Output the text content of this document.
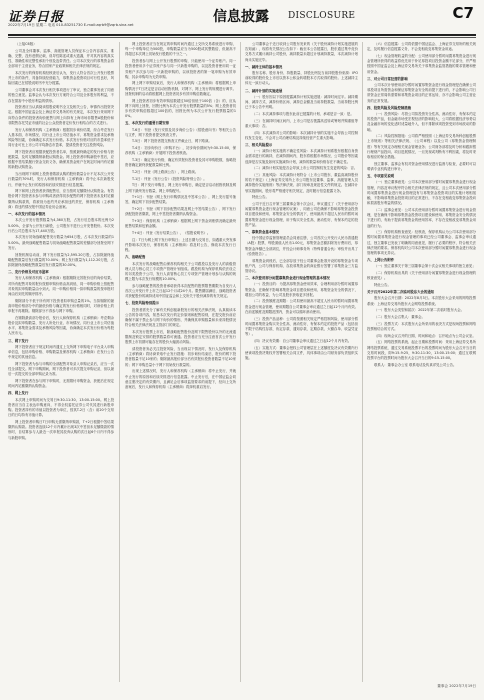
证券日报
2022年7月19日 星期二 电话 010-83251730 E-mail:zqrb9@zqrb.sina.net	信息披露 DISCLOSURE	C7

（上接C6版）

公司及全体董事、监事、高级管理人员保证本公告内容真实、准确、完整，没有虚假记载、误导性陈述或重大遗漏，并对其内容的真实性、准确性和完整性承担个别及连带责任。公司本次发行的募集资金将全部用于主营业务，符合国家产业政策和相关法律法规的规定。

本次发行的保荐机构经核查后认为，发行人符合首次公开发行股票并上市的条件，具备持续经营能力，募集资金投资项目可行性良好，风险因素已在招股说明书中充分披露。

公司董事会对本次发行相关事项进行了审议，独立董事发表了同意的独立意见。监事会认为本次发行方案符合公司及全体股东的利益，不存在损害中小股东利益的情形。

投资者应当认真阅读招股说明书全文及相关公告，审慎作出投资决定。根据中国证监会及上海证券交易所的有关规定，本次发行采用网下向符合条件的投资者询价配售与网上向持有上海市场非限售A股股份和非限售存托凭证市值的社会公众投资者定价发行相结合的方式进行。

发行人和保荐机构（主承销商）根据初步询价结果，综合考虑发行人基本面、市场情况、同行业上市公司估值水平、募集资金需求及承销风险等因素，协商确定本次发行价格。本次发行价格对应的市盈率低于同行业可比上市公司平均静态市盈率，提请投资者关注投资风险。

网下投资者应根据获配投资者名单，按照最终确定的发行价格与获配数量，及时足额缴纳新股认购资金。网上投资者申购新股中签后，应根据中签结果履行资金交收义务，确保其资金账户在规定时间内有足额的新股认购资金。

当出现网下和网上投资者缴款认购的股份数量合计不足本次公开发行数量的70%时，发行人和保荐机构（主承销商）将中止本次新股发行，并就中止发行的原因和后续安排进行信息披露。

网下和网上投资者获得配售后，应当按时足额缴付认购资金。有效报价网下投资者未参与申购或者获得初步配售的网下投资者未及时足额缴纳认购款的，将被视为违约并应承担违约责任，保荐机构（主承销商）将违约情况报中国证券业协会备案。

一、本次发行的基本情况

本次公开发行股票数量为4,360万股，占发行后总股本的比例为25.00%，全部为公开发行新股，公司股东不进行公开发售股份。本次发行后公司总股本为17,440万股。

本次发行初始战略配售发行数量为654万股，占本次发行数量的15.00%。最终战略配售数量与初始战略配售数量的差额部分回拨至网下发行。

回拨机制启动前，网下发行数量为2,595.20万股，占扣除最终战略配售数量后发行数量的70.00%；网上发行数量为1,112.20万股，占扣除最终战略配售数量后发行数量的30.00%。

二、发行价格及对应市盈率

发行人和保荐机构（主承销商）根据剔除无效报价后的询价结果，对所有配售对象的报价按照申购价格由高到低、同一申购价格上按配售对象的拟申购数量由小到大、同一申购价格同一拟申购数量的按申报时间由后到先的顺序排序。

剔除部分不低于所有网下投资者拟申购总量的1%。当拟剔除的最高申报价格部分中的最低价格与确定的发行价格相同时，对该价格上的申报不再剔除。剔除部分不得参与网下申购。

在剔除最高部分报价后，发行人和保荐机构（主承销商）考虑剩余报价及拟申购数量、发行人所处行业、市场情况、同行业上市公司估值水平、募集资金需求及承销风险等因素，协商确定本次发行价格为每股人民币元。

三、网下发行

网下投资者应于规定时间内通过上交所网下申购电子平台录入申购单信息，包括申购价格、申购数量及保荐机构（主承销商）在发行公告中规定的其他信息。

网下投资者为参与申购的全部配售对象录入申购记录后，应当一次性全部提交。网下申购期间，网下投资者可多次提交申购记录，但以最后一次提交的全部申购记录为准。

网下投资者在参与网下申购时，无需缴付申购资金，获配后在规定时间内足额缴纳认购资金。

四、网上发行

本次网上申购时间为交易日9:30-11:30、13:00-15:00。网上投资者应当自主表达申购意向，不得全权委托证券公司代其进行新股申购。投资者持有的市值以投资者为单位，按其T-2日（含）前20个交易日的日均持有市值计算。

网上投资者申购日T日申购无需缴纳申购款，T+2日根据中签结果缴纳认购款。投资者连续12个月内累计出现3次中签但未足额缴款的情形时，自结算参与人最近一次申报其放弃认购的次日起6个月内不得参与新股申购。

网上投资者应当在规定的申购时间内通过上交所交易系统进行申购，每一个申购单位为500股，申购数量应当为500股或其整数倍，但最高不得超过本次网上初始发行股数的千分之一。

投资者参与网上公开发行股票的申购，只能使用一个证券账户。同一投资者使用多个证券账户参与同一只新股申购的，以及投资者使用同一证券账户多次参与同一只新股申购的，以该投资者的第一笔申购为有效申购，其余申购均为无效申购。

网上网下申购结束后，发行人和保荐机构（主承销商）将根据网上申购情况于T日决定是否启动回拨机制，对网下、网上发行的规模进行调节。回拨机制的启动将根据网上投资者初步有效申购倍数确定。

网上投资者初步有效申购倍数超过50倍但低于100倍（含）的，应从网下向网上回拨，回拨比例为本次公开发行股票数量的5%；网上投资者初步有效申购倍数超过100倍的，回拨比例为本次公开发行股票数量的10%。

五、本次发行的重要日期安排

T-6日：刊登《发行安排及初步询价公告》《招股意向书》等相关公告与文件，网下投资者提交核查文件。

T-5日：网下投资者提交核查文件截止日，网下路演。

T-4日：初步询价日（申购平台），初步询价期间为9:30-15:00，保荐机构（主承销商）开展网下投资者核查。

T-3日：确定发行价格，确定有效报价投资者及其可申购股数，战略投资者确定最终获配数量和比例。

T-2日：刊登《网上路演公告》，网上路演。

T-1日：刊登《发行公告》《投资风险特别公告》。

T日：网下发行申购日，网上发行申购日，确定是否启动回拨机制及网上网下最终发行数量，网上申购配号。

T+1日：刊登《网上发行申购情况及中签率公告》，网上发行摇号抽签，确定网下初步配售结果。

T+2日：刊登《网下初步配售结果及网上中签结果公告》，网下发行获配投资者缴款，网上中签投资者缴纳认购资金。

T+3日：保荐机构（主承销商）根据网上网下资金到账情况确定最终配售结果和包销金额。

T+4日：刊登《发行结果公告》、《招股说明书》。

注：T日为网上网下发行申购日；上述日期为交易日，如遇重大突发事件影响本次发行，保荐机构（主承销商）将及时公告，修改本次发行日程。

六、战略配售

本次发行的战略配售由保荐机构相关子公司跟投以及发行人的高级管理人员与核心员工专项资产管理计划组成。跟投机构为保荐机构依法设立的另类投资子公司，发行人高管核心员工专项资产管理计划参与认购的规模上限为本次发行规模的10.00%。

参与战略配售的投资者承诺获得本次配售的股票限售期限为自发行人首次公开发行并上市之日起12个月或24个月。限售期届满后，战略投资者对获配股份的减持适用中国证监会和上交所关于股份减持的有关规定。

七、投资风险特别提示

投资者需充分了解有关科创板新股发行的相关法律法规，认真阅读本公告的各项内容，知悉本次发行的定价原则和配售原则，在提交报价前应确保不属于禁止参与网下询价的情形，并确保其申购数量和未来持股情况符合相关法律法规及主管部门的规定。

本次发行股票上市后，除战略配售股份及网下限售股份以外的无流通限制及锁定安排的股票数量将可流通。投资者应当充分注意首次公开发行股票上市初期可能存在的股价大幅波动风险。

请投资者务必关注投资风险，当出现以下情况时，发行人及保荐机构（主承销商）将协商采取中止发行措施：初步询价结束后，报价的网下投资者数量不足10家的；剔除最高报价部分后有效报价投资者数量不足10家的；网下申购总量小于网下初始发行数量的。

出现上述情况时，发行人和保荐机构（主承销商）将中止发行，并就中止发行的原因和后续安排进行信息披露。中止发行后，在中国证监会同意注册决定的有效期内，且满足会后事项监管要求的前提下，经向上交所备案后，发行人和保荐机构（主承销商）将择机重启发行。

公司董事会于近日收到公司股东发来的《关于股份减持计划实施进展的告知函》，现将有关情况公告如下：截至本公告披露日，股东通过集中竞价交易方式累计减持公司股份，减持数量未超过计划减持数量，本次减持计划尚未实施完毕。

一、减持主体的基本情况

股东名称、股东身份、持股数量、持股比例及当前持股股份来源：IPO前取得的股份及上市后以资本公积金转增股本方式取得的股份。上述减持主体无一致行动人。

二、减持计划的实施进展

（一）股东因以下原因披露减持计划实施进展：减持时间过半。减持期间、减持方式、减持价格区间、减持总金额及当前持股数量、当前持股比例已于本公告中列明。

（二）本次减持事项与股东此前已披露的计划、承诺是否一致：是。

（三）在减持时间区间内，上市公司是否披露高送转或筹划并购重组等重大事项：否。

（四）本次减持对公司的影响：本次减持计划的实施不会导致公司控制权发生变化，不会对公司治理结构及持续经营产生重大影响。

三、相关风险提示

（一）减持计划实施的不确定性风险：本次减持计划系股东根据自身资金需求进行的减持，在减持期间内，股东将根据市场情况、公司股价等因素选择是否实施及如何实施减持计划，减持的数量和价格存在不确定性。

（二）减持计划实施是否会导致上市公司控制权发生变更的风险：否。

（三）其他风险：本次减持计划符合《上市公司股东、董监高减持股份的若干规定》《上海证券交易所上市公司股东及董事、监事、高级管理人员减持股份实施细则》等法律法规、部门规章及规范性文件的规定。在减持计划实施期间，股东将严格遵守相关规定，及时履行信息披露义务。

特此公告。

公司于近日召开第三届董事会第十次会议，审议通过了《关于使用部分闲置募集资金进行现金管理的议案》，同意公司在确保不影响募集资金投资项目建设和使用、募集资金安全的情况下，使用最高不超过人民币的暂时闲置募集资金进行现金管理，用于购买安全性高、流动性好、有保本约定的投资产品。

一、募集资金基本情况

经中国证券监督管理委员会同意注册，公司首次公开发行人民币普通股（A股）股票，每股面值人民币1.00元，募集资金总额扣除发行费用后，募集资金净额已全部到位，并经会计师事务所（特殊普通合伙）审验并出具了《验资报告》。

募集资金到账后，已全部存放于经公司董事会批准开设的募集资金专项账户内，公司与保荐机构、存放募集资金的商业银行签署了募集资金三方监管协议。

二、本次使用部分闲置募集资金进行现金管理的基本情况

（一）投资目的：为提高募集资金使用效率，合理利用部分暂时闲置募集资金，在确保不影响募集资金项目建设和使用、募集资金安全的情况下，增加公司的收益，为公司及股东获取更多回报。

（二）投资额度及期限：公司拟使用最高不超过人民币的暂时闲置募集资金进行现金管理，使用期限自公司董事会审议通过之日起12个月内有效。在前述额度及期限范围内，资金可以循环滚动使用。

（三）投资产品品种：公司将按照相关规定严格控制风险，使用部分暂时闲置募集资金购买安全性高、流动性好、有保本约定的投资产品（包括但不限于结构性存款、协定存款、通知存款、定期存款、大额存单、收益凭证等）。

（四）决议有效期：自公司董事会审议通过之日起12个月内有效。

（五）实施方式：董事会授权公司管理层在上述额度及决议有效期内行使该项投资决策权并签署相关合同文件，具体事项由公司财务部负责组织实施。

（六）信息披露：公司将依据中国证监会、上海证券交易所的相关规定，及时履行信息披露义务，不会变相改变募集资金用途。

（七）现金管理收益的分配：公司使用部分暂时闲置募集资金进行现金管理所获得的收益将优先用于补足募投项目投资金额不足部分，并严格按照中国证监会及上海证券交易所关于募集资金监管措施的要求管理和使用资金。

三、对公司日常经营的影响

公司本次计划使用部分暂时闲置募集资金进行现金管理是在确保公司募投项目所需资金和保证募集资金安全的前提下进行的，不会影响公司日常资金正常周转需要和募集资金项目的正常运转，亦不会影响公司主营业务的正常发展。

四、投资风险及风险控制措施

（一）投资风险：尽管公司拟投资安全性高、流动性好、有保本约定的投资产品，但金融市场受宏观经济的影响较大，公司将根据经济形势以及金融市场的变化适时适量地介入，但不排除该项投资受到市场波动的影响。

（二）风险控制措施：公司将严格按照《上海证券交易所科创板股票上市规则》等相关法律法规、《公司章程》以及公司《募集资金管理制度》等有关规定办理相关现金管理业务；公司财务部将及时分析和跟踪银行理财产品投向、项目进展情况，一旦发现或判断有不利因素，将及时采取相应的保全措施。

独立董事、监事会有权对资金使用情况进行监督与检查，必要时可以聘请专业机构进行审计。

五、专项意见说明

（一）独立董事意见：公司本次使用部分暂时闲置募集资金进行现金管理，内容及审议程序符合相关法律法规的规定，且公司本次使用部分暂时闲置募集资金进行现金管理没有与募集资金投资项目的实施计划相抵触，不影响募集资金投资项目的正常进行，不存在变相改变募集资金投向和损害股东利益的情况。

（二）监事会意见：公司本次使用部分暂时闲置募集资金进行现金管理，是在确保不影响募集资金投资项目建设和使用、募集资金安全的情况下进行的，有助于提高募集资金的使用效率，不存在变相改变募集资金用途的行为。

（三）保荐机构核查意见：经核查，保荐机构认为公司本次使用部分暂时闲置募集资金进行现金管理的事项已经公司董事会、监事会审议通过，独立董事已发表了明确的同意意见，履行了必要的程序，符合相关法律法规的要求。保荐机构对公司本次使用部分暂时闲置募集资金进行现金管理的事项无异议。

六、上网公告附件

（一）独立董事关于第三届董事会第十次会议相关事项的独立意见；

（二）保荐机构出具的《关于使用部分闲置募集资金进行现金管理的核查意见》。

特此公告。

关于召开2022年第二次临时股东大会的通知

股东大会召开日期：2022年8月3日。本次股东大会采用的网络投票系统：上海证券交易所股东大会网络投票系统。

（一）股东大会类型和届次：2022年第二次临时股东大会。

（二）股东大会召集人：董事会。

（三）投票方式：本次股东大会所采用的表决方式是现场投票和网络投票相结合的方式。

（四）现场会议召开的日期、时间和地点：召开地点为公司会议室。

（五）网络投票的系统、起止日期和投票时间：采用上海证券交易所网络投票系统，通过交易系统投票平台的投票时间为股东大会召开当日的交易时间段，即9:15-9:25，9:30-11:30，13:00-15:00；通过互联网投票平台的投票时间为股东大会召开当日的9:15-15:00。

联系人：董事会办公室 联系电话及传真详见公司公告。

董事会 2022年7月19日
